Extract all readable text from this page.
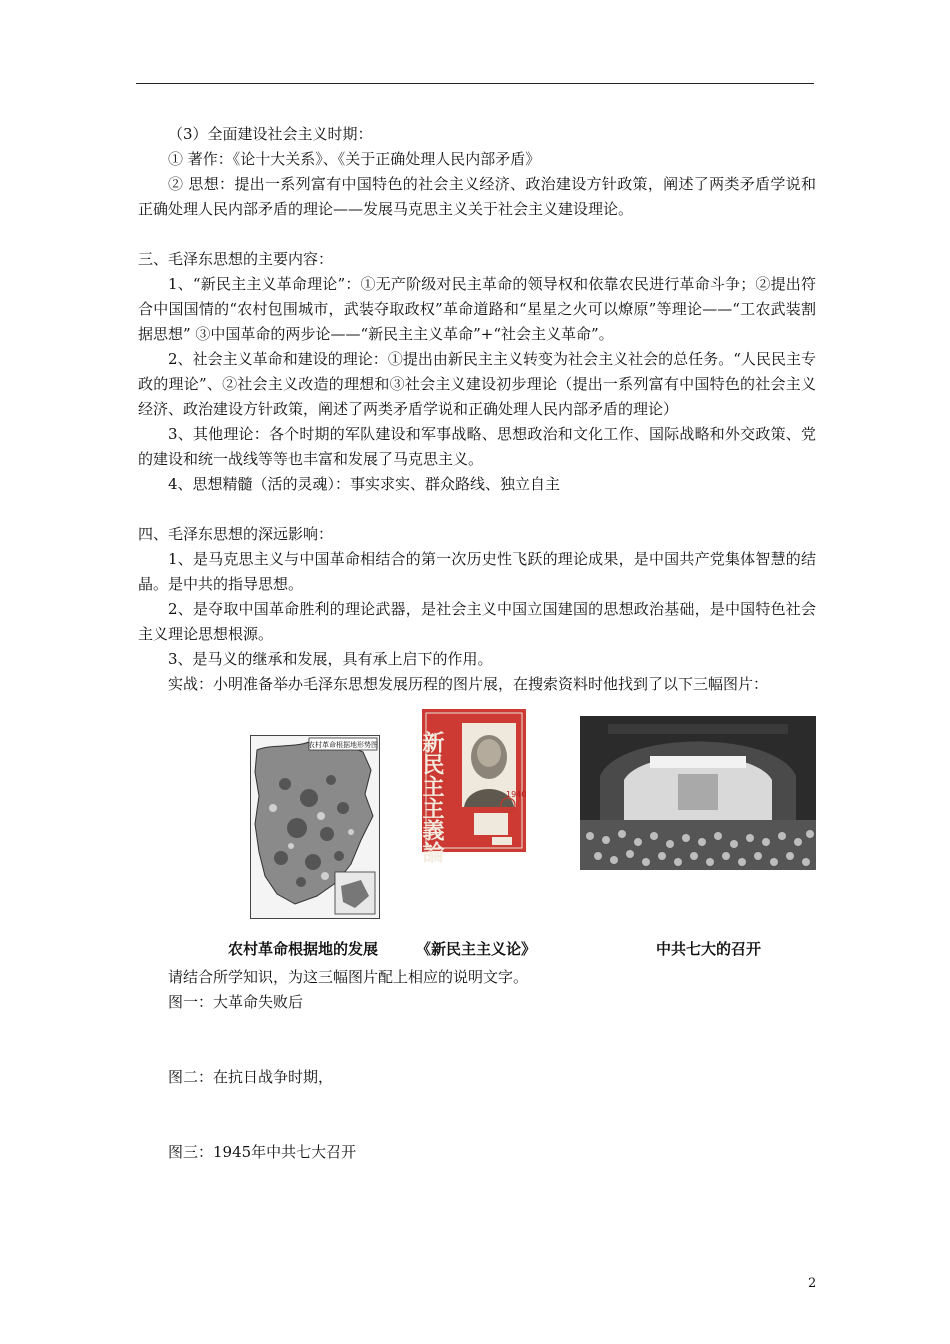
（3）全面建设社会主义时期：

① 著作：《论十大关系》、《关于正确处理人民内部矛盾》

② 思想：提出一系列富有中国特色的社会主义经济、政治建设方针政策，阐述了两类矛盾学说和正确处理人民内部矛盾的理论——发展马克思主义关于社会主义建设理论。

三、毛泽东思想的主要内容：

1、“新民主主义革命理论”：①无产阶级对民主革命的领导权和依靠农民进行革命斗争；②提出符合中国国情的“农村包围城市，武装夺取政权”革命道路和“星星之火可以燎原”等理论——“工农武装割据思想” ③中国革命的两步论——“新民主主义革命”+“社会主义革命”。

2、社会主义革命和建设的理论：①提出由新民主主义转变为社会主义社会的总任务。“人民民主专政的理论”、②社会主义改造的理想和③社会主义建设初步理论（提出一系列富有中国特色的社会主义经济、政治建设方针政策，阐述了两类矛盾学说和正确处理人民内部矛盾的理论）

3、其他理论：各个时期的军队建设和军事战略、思想政治和文化工作、国际战略和外交政策、党的建设和统一战线等等也丰富和发展了马克思主义。

4、思想精髓（活的灵魂）：事实求实、群众路线、独立自主

四、毛泽东思想的深远影响：

1、是马克思主义与中国革命相结合的第一次历史性飞跃的理论成果，是中国共产党集体智慧的结晶。是中共的指导思想。

2、是夺取中国革命胜利的理论武器，是社会主义中国立国建国的思想政治基础，是中国特色社会主义理论思想根源。

3、是马义的继承和发展，具有承上启下的作用。

实战：小明准备举办毛泽东思想发展历程的图片展，在搜索资料时他找到了以下三幅图片：

农村革命根据地形势图 新民主主義論	1940
农村革命根据地的发展	《新民主主义论》	中共七大的召开

请结合所学知识，为这三幅图片配上相应的说明文字。

图一：大革命失败后

图二：在抗日战争时期，

图三：1945年中共七大召开

2
